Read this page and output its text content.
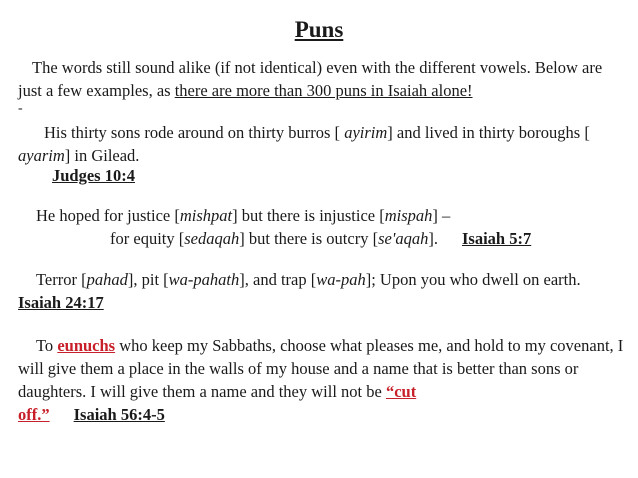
Puns
The words still sound alike (if not identical) even with the different vowels. Below are just a few examples, as there are more than 300 puns in Isaiah alone!
-
His thirty sons rode around on thirty burros [ ayirim] and lived in thirty boroughs [ ayarim] in Gilead.
Judges 10:4
He hoped for justice [mishpat] but there is injustice [mispah] –
for equity [sedaqah] but there is outcry [se'aqah]. Isaiah 5:7
Terror [pahad], pit [wa-pahath], and trap [wa-pah]; Upon you who dwell on earth.Isaiah 24:17
To eunuchs who keep my Sabbaths, choose what pleases me, and hold to my covenant, I will give them a place in the walls of my house and a name that is better than sons or daughters. I will give them a name and they will not be “cut
off.” Isaiah 56:4-5
